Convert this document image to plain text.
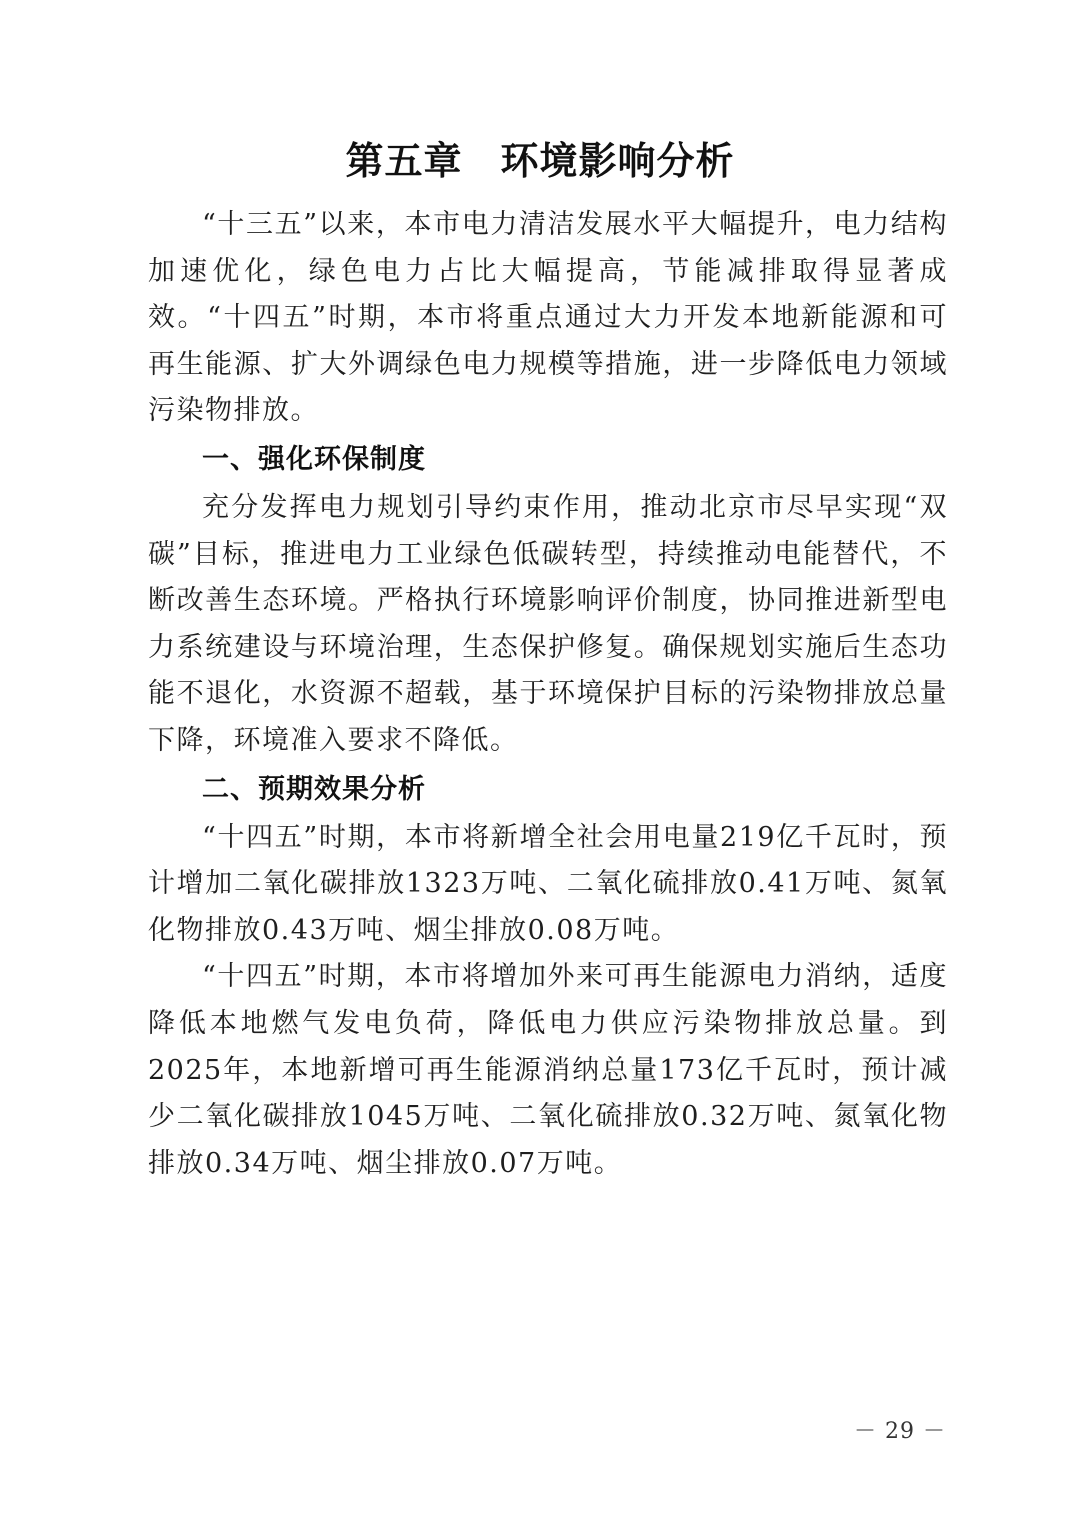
第五章 环境影响分析

“十三五”以来，本市电力清洁发展水平大幅提升，电力结构加速优化，绿色电力占比大幅提高，节能减排取得显著成效。“十四五”时期，本市将重点通过大力开发本地新能源和可再生能源、扩大外调绿色电力规模等措施，进一步降低电力领域污染物排放。

一、强化环保制度

充分发挥电力规划引导约束作用，推动北京市尽早实现“双碳”目标，推进电力工业绿色低碳转型，持续推动电能替代，不断改善生态环境。严格执行环境影响评价制度，协同推进新型电力系统建设与环境治理，生态保护修复。确保规划实施后生态功能不退化，水资源不超载，基于环境保护目标的污染物排放总量下降，环境准入要求不降低。

二、预期效果分析

“十四五”时期，本市将新增全社会用电量219亿千瓦时，预计增加二氧化碳排放1323万吨、二氧化硫排放0.41万吨、氮氧化物排放0.43万吨、烟尘排放0.08万吨。

“十四五”时期，本市将增加外来可再生能源电力消纳，适度降低本地燃气发电负荷，降低电力供应污染物排放总量。到2025年，本地新增可再生能源消纳总量173亿千瓦时，预计减少二氧化碳排放1045万吨、二氧化硫排放0.32万吨、氮氧化物排放0.34万吨、烟尘排放0.07万吨。

－ 29 －
